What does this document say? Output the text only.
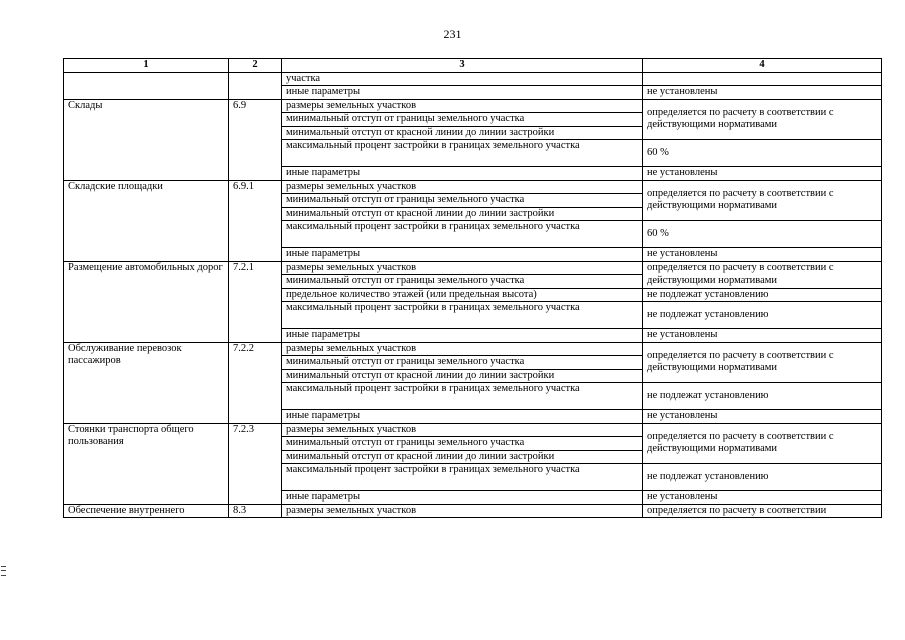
231
1	2	3	4
		участка	
		иные параметры	не установлены
Склады	6.9	размеры земельных участков	определяется по расчету в соответствии с действующими нормативами
		минимальный отступ от границы земельного участка	
		минимальный отступ от красной линии до линии застройки	
		максимальный процент застройки в границах земельного участка	60 %
		иные параметры	не установлены

Складские площадки	6.9.1	размеры земельных участков	определяется по расчету в соответствии с действующими нормативами
		минимальный отступ от границы земельного участка	
		минимальный отступ от красной линии до линии застройки	
		максимальный процент застройки в границах земельного участка	60 %
		иные параметры	не установлены
Размещение автомобильных дорог	7.2.1	размеры земельных участков	определяется по расчету в соответствии с действующими нормативами
		минимальный отступ от границы земельного участка	
		предельное количество этажей (или предельная высота)	не подлежат установлению
		максимальный процент застройки в границах земельного участка	не подлежат установлению
		иные параметры	не установлены
Обслуживание перевозок пассажиров	7.2.2	размеры земельных участков	определяется по расчету в соответствии с действующими нормативами
		минимальный отступ от границы земельного участка	
		минимальный отступ от красной линии до линии застройки	
		максимальный процент застройки в границах земельного участка	не подлежат установлению
		иные параметры	не установлены
Стоянки транспорта общего пользования	7.2.3	размеры земельных участков	определяется по расчету в соответствии с действующими нормативами
		минимальный отступ от границы земельного участка	
		минимальный отступ от красной линии до линии застройки	
		максимальный процент застройки в границах земельного участка	не подлежат установлению
		иные параметры	не установлены
Обеспечение внутреннего	8.3	размеры земельных участков	определяется по расчету в соответствии
